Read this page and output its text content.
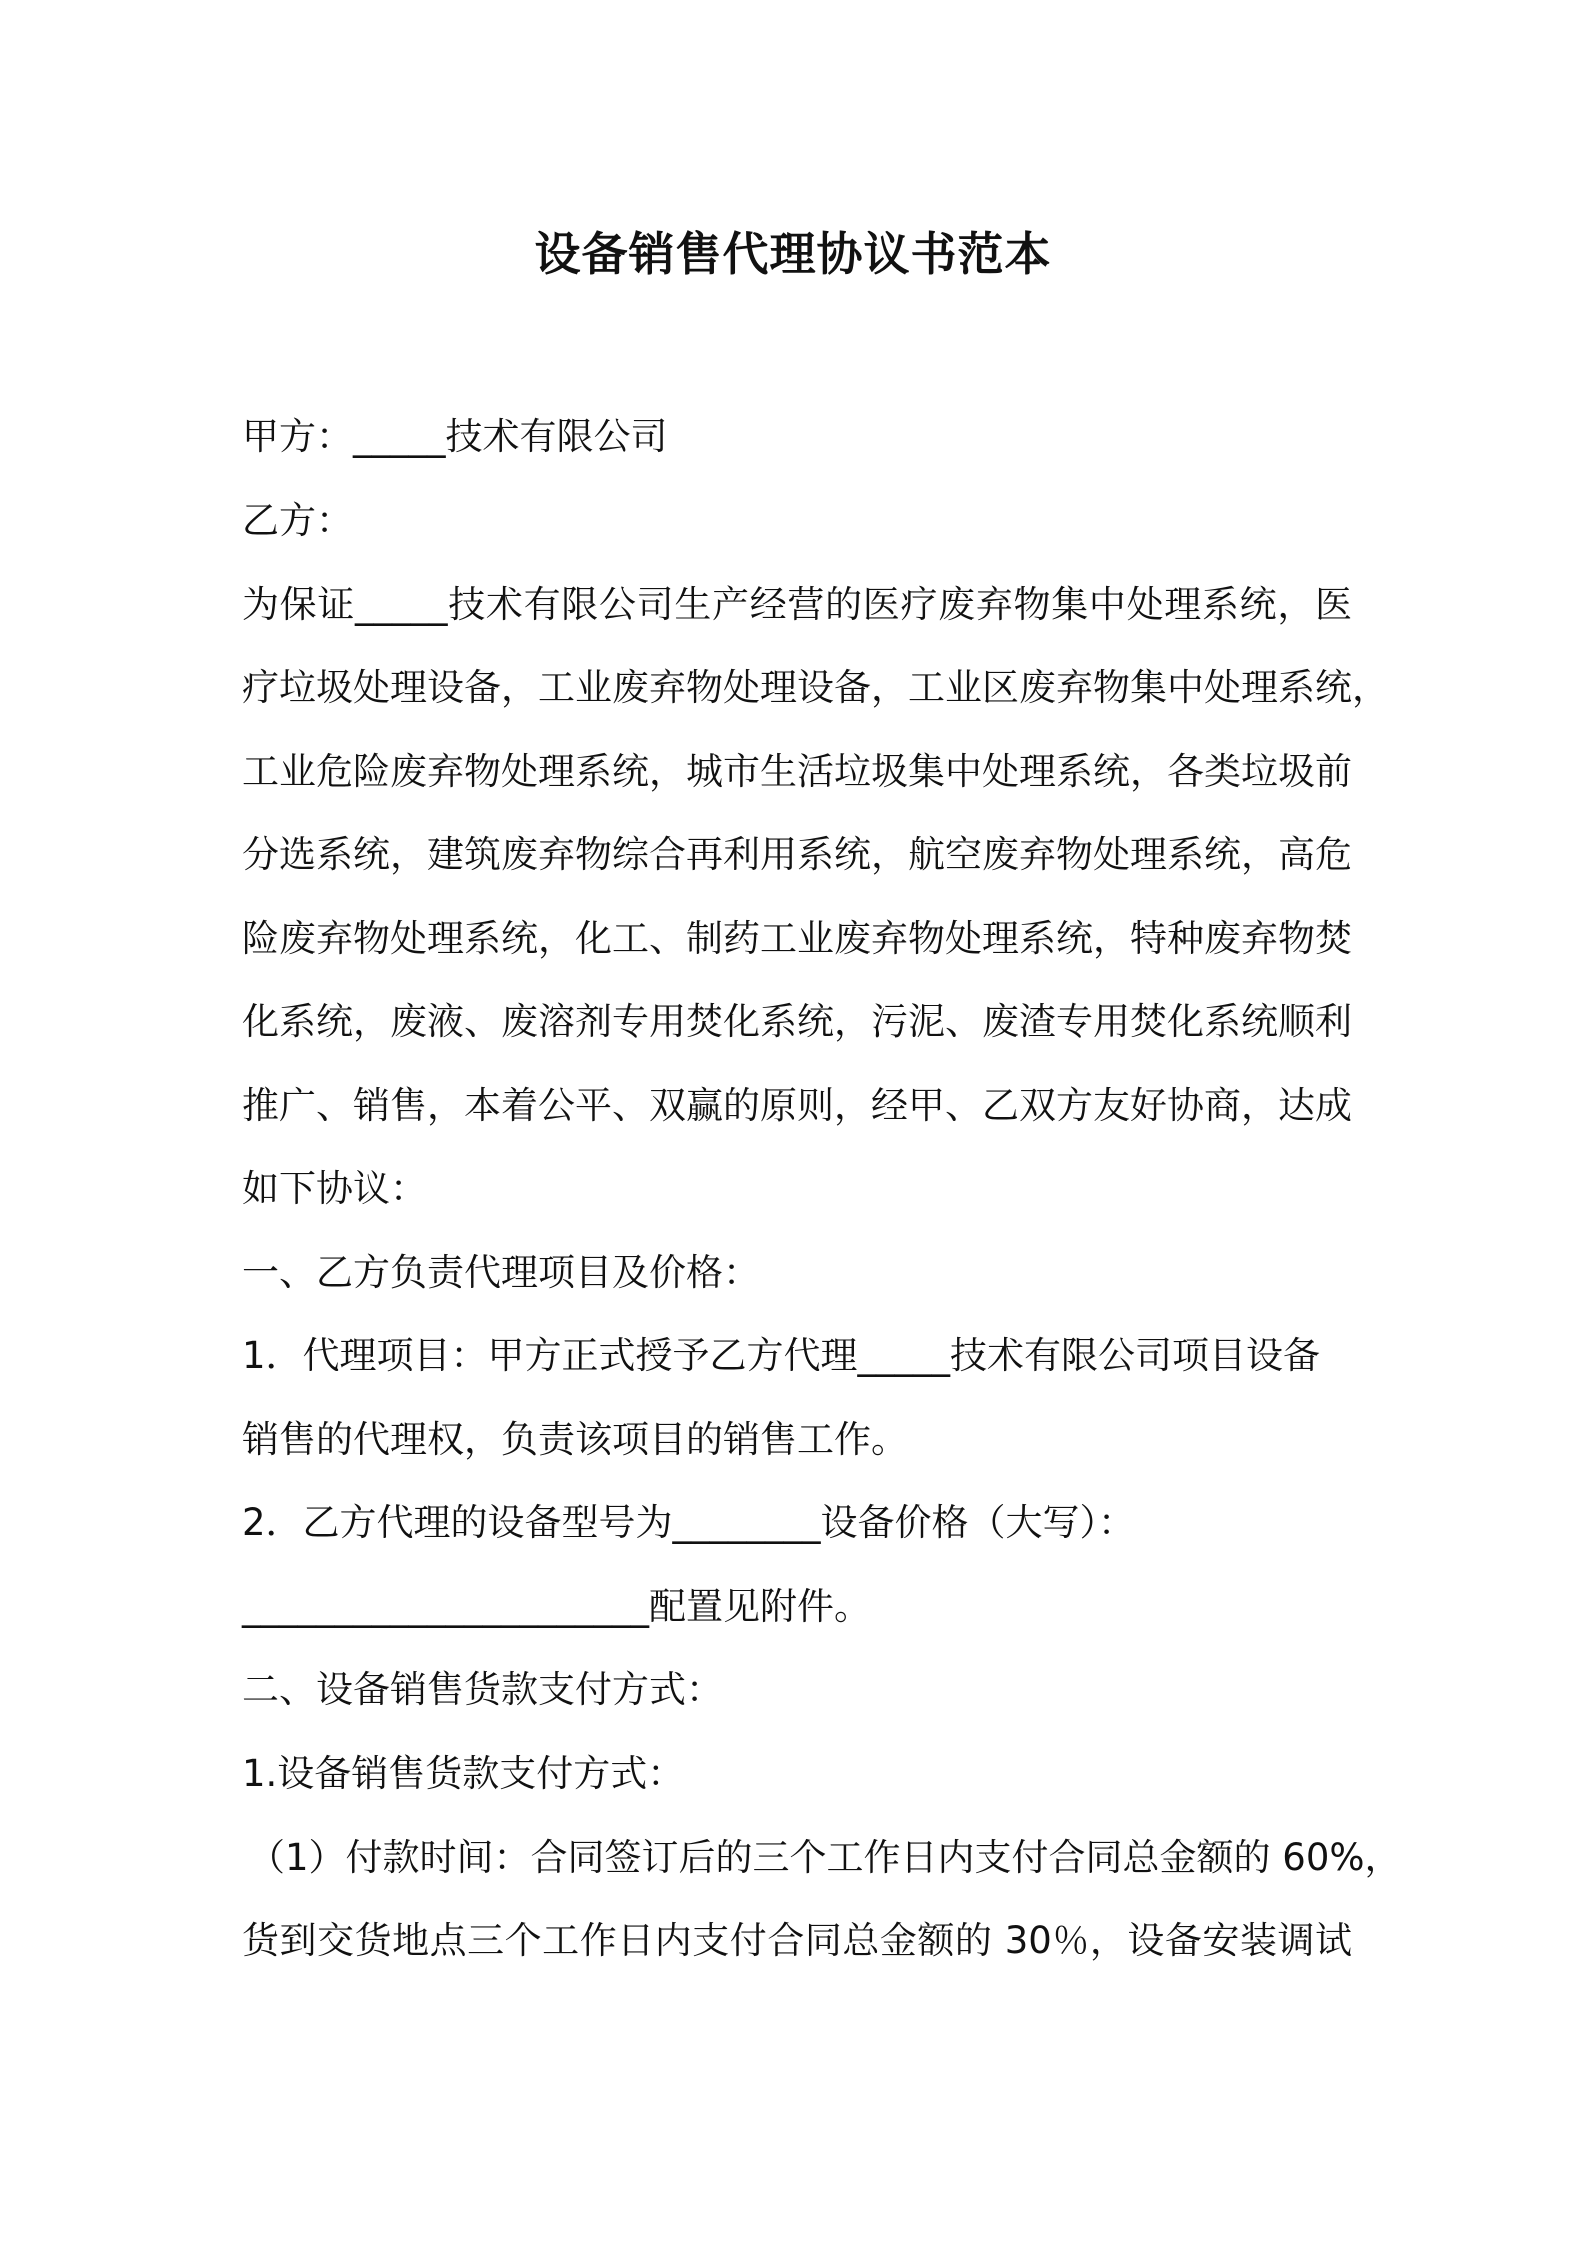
设备销售代理协议书范本
甲方：_____技术有限公司
乙方：
为保证_____技术有限公司生产经营的医疗废弃物集中处理系统，医
疗垃圾处理设备，工业废弃物处理设备，工业区废弃物集中处理系统，
工业危险废弃物处理系统，城市生活垃圾集中处理系统，各类垃圾前
分选系统，建筑废弃物综合再利用系统，航空废弃物处理系统，高危
险废弃物处理系统，化工、制药工业废弃物处理系统，特种废弃物焚
化系统，废液、废溶剂专用焚化系统，污泥、废渣专用焚化系统顺利
推广、销售，本着公平、双赢的原则，经甲、乙双方友好协商，达成
如下协议：
一、乙方负责代理项目及价格：
1．代理项目：甲方正式授予乙方代理_____技术有限公司项目设备
销售的代理权，负责该项目的销售工作。
2．乙方代理的设备型号为________设备价格（大写）：
______________________配置见附件。
二、设备销售货款支付方式：
1.设备销售货款支付方式：
（1）付款时间：合同签订后的三个工作日内支付合同总金额的 60%，
货到交货地点三个工作日内支付合同总金额的 30％，设备安装调试
